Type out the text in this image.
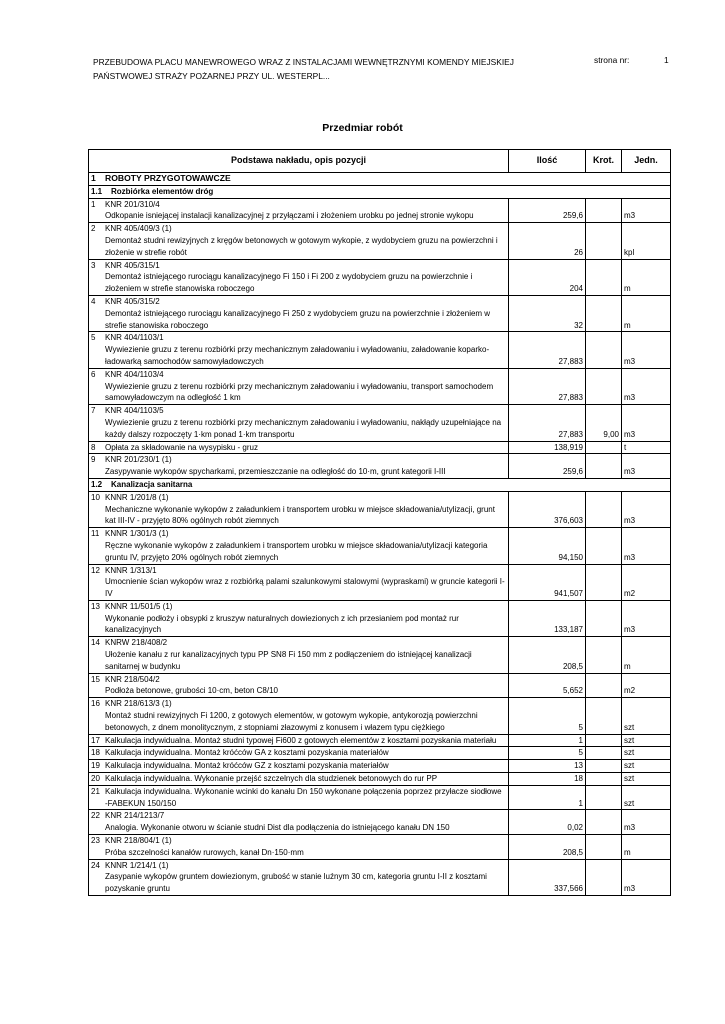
PRZEBUDOWA PLACU MANEWROWEGO WRAZ Z INSTALACJAMI WEWNĘTRZNYMI KOMENDY MIEJSKIEJ PAŃSTWOWEJ STRAŻY POŻARNEJ PRZY UL. WESTERPL...
strona nr:	1
Przedmiar robót
Podstawa nakładu, opis pozycji	Ilość	Krot.	Jedn.

1 ROBOTY PRZYGOTOWAWCZE			

1.1 Rozbiórka elementów dróg			

1 KNR 201/310/4
Odkopanie isniejącej instalacji kanalizacyjnej z przyłączami i złożeniem urobku po jednej stronie wykopu	259,6		m3

2 KNR 405/409/3 (1)
Demontaż studni rewizyjnych z kręgów betonowych w gotowym wykopie, z wydobyciem gruzu na powierzchni i złożenie w strefie robót	26		kpl

3 KNR 405/315/1
Demontaż istniejącego rurociągu kanalizacyjnego Fi 150 i Fi 200 z wydobyciem gruzu na powierzchnie i złożeniem w strefie stanowiska roboczego	204		m

4 KNR 405/315/2
Demontaż istniejącego rurociągu kanalizacyjnego Fi 250 z wydobyciem gruzu na powierzchnie i złożeniem w strefie stanowiska roboczego	32		m

5 KNR 404/1103/1
Wywiezienie gruzu z terenu rozbiórki przy mechanicznym załadowaniu i wyładowaniu, załadowanie koparko-ładowarką samochodów samowyładowczych	27,883		m3

6 KNR 404/1103/4
Wywiezienie gruzu z terenu rozbiórki przy mechanicznym załadowaniu i wyładowaniu, transport samochodem samowyładowczym na odległość 1 km	27,883		m3

7 KNR 404/1103/5
Wywiezienie gruzu z terenu rozbiórki przy mechanicznym załadowaniu i wyładowaniu, nakłądy uzupełniające na każdy dalszy rozpoczęty 1·km ponad 1·km transportu	27,883	9,00	m3

8 Opłata za składowanie na wysypisku - gruz	138,919		t

9 KNR 201/230/1 (1)
Zasypywanie wykopów spycharkami, przemieszczanie na odległość do 10·m, grunt kategorii I-III	259,6		m3

1.2 Kanalizacja sanitarna			

10 KNNR 1/201/8 (1)
Mechaniczne wykonanie wykopów z załadunkiem i transportem urobku w miejsce składowania/utylizacji, grunt kat III-IV - przyjęto 80% ogólnych robót ziemnych	376,603		m3

11 KNNR 1/301/3 (1)
Ręczne wykonanie wykopów z załadunkiem i transportem urobku w miejsce składowania/utylizacji kategoria gruntu IV, przyjęto 20% ogólnych robót ziemnych	94,150		m3

12 KNNR 1/313/1
Umocnienie ścian wykopów wraz z rozbiórką palami szalunkowymi stalowymi (wypraskami) w gruncie kategorii I-IV	941,507		m2

13 KNNR 11/501/5 (1)
Wykonanie podłoży i obsypki z kruszyw naturalnych dowiezionych z ich przesianiem pod montaż rur kanalizacyjnych	133,187		m3

14 KNRW 218/408/2
Ułożenie kanału z rur kanalizacyjnych typu PP SN8 Fi 150 mm z podłączeniem do istniejącej kanalizacji sanitarnej w budynku	208,5		m

15 KNR 218/504/2
Podłoża betonowe, grubości 10·cm, beton C8/10	5,652		m2

16 KNR 218/613/3 (1)
Montaż studni rewizyjnych Fi 1200, z gotowych elementów, w gotowym wykopie, antykorozją powierzchni betonowych, z dnem monolitycznym, z stopniami złazowymi z konusem i włazem typu ciężkiego	5		szt

17 Kalkulacja indywidualna. Montaż studni typowej Fi600 z gotowych elementów z kosztami pozyskania materiału	1		szt

18 Kalkulacja indywidualna. Montaż króćców GA z kosztami pozyskania materiałów	5		szt

19 Kalkulacja indywidualna. Montaż króćców GZ z kosztami pozyskania materiałów	13		szt

20 Kalkulacja indywidualna. Wykonanie przejść szczelnych dla studzienek betonowych do rur PP	18		szt

21 Kalkulacja indywidualna. Wykonanie wcinki do kanału Dn 150 wykonane połączenia poprzez przyłacze siodłowe -FABEKUN 150/150	1		szt

22 KNR 214/1213/7
Analogia. Wykonanie otworu w ścianie studni Dist dla podłączenia do istniejącego kanału DN 150	0,02		m3

23 KNR 218/804/1 (1)
Próba szczelności kanałów rurowych, kanał Dn·150·mm	208,5		m

24 KNNR 1/214/1 (1)
Zasypanie wykopów gruntem dowiezionym, grubość w stanie luźnym 30 cm, kategoria gruntu I-II z kosztami pozyskanie gruntu	337,566		m3
